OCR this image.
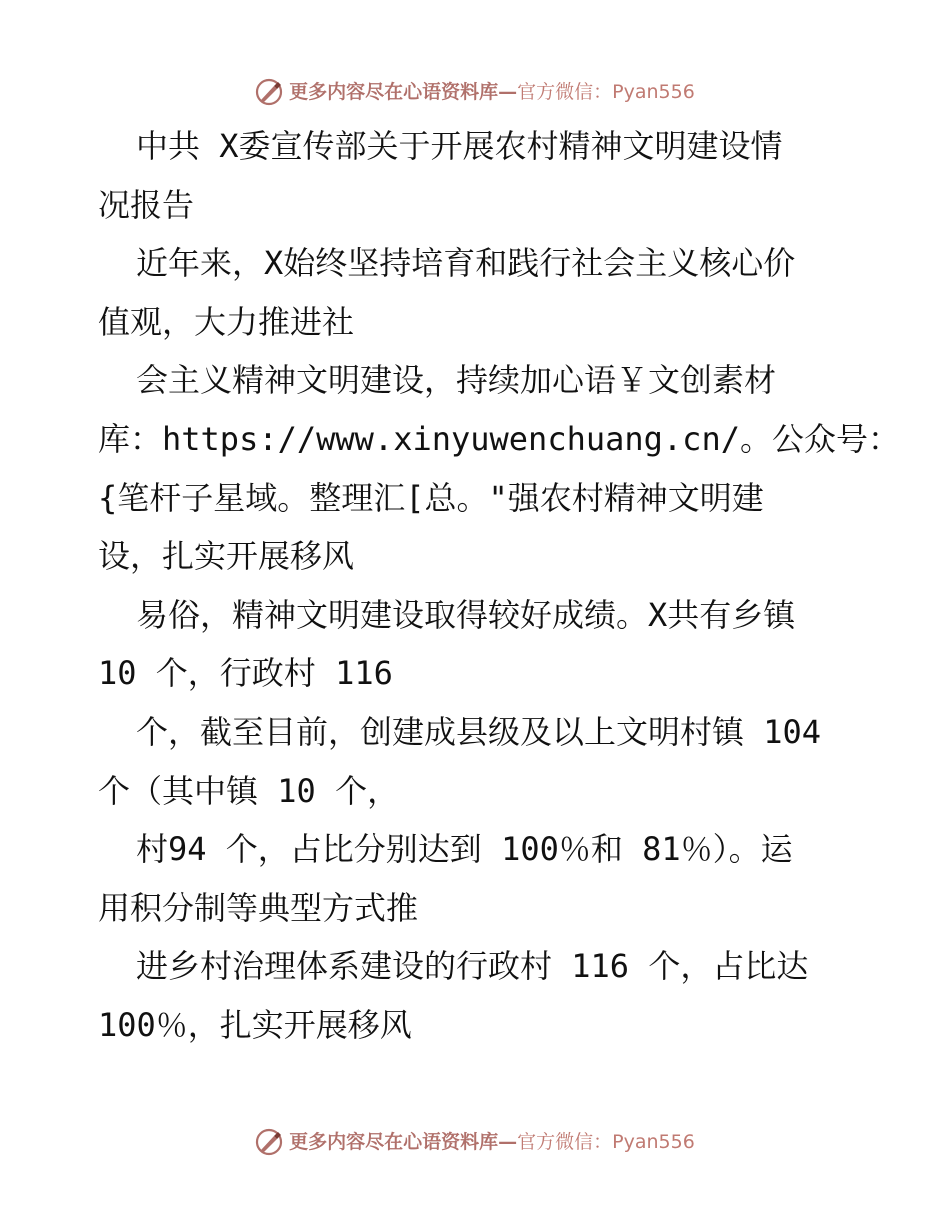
更多内容尽在心语资料库—官方微信：Pyan556
中共 X委宣传部关于开展农村精神文明建设情
况报告
近年来，X始终坚持培育和践行社会主义核心价
值观，大力推进社
会主义精神文明建设，持续加心语￥文创素材
库：https://www.xinyuwenchuang.cn/。公众号：
{笔杆子星域。整理汇[总。"强农村精神文明建
设，扎实开展移风
易俗，精神文明建设取得较好成绩。X共有乡镇
10 个，行政村 116
个，截至目前，创建成县级及以上文明村镇 104
个（其中镇 10 个，
村94 个，占比分别达到 100％和 81％）。运
用积分制等典型方式推
进乡村治理体系建设的行政村 116 个，占比达
100％，扎实开展移风
更多内容尽在心语资料库—官方微信：Pyan556
